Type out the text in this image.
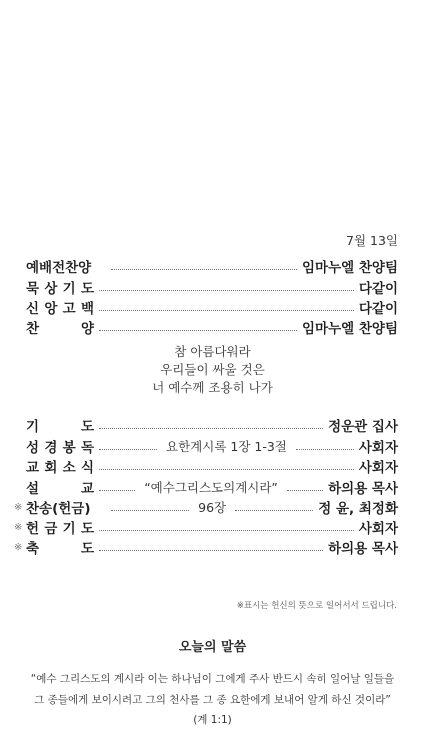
7월 13일
예배전찬양	임마누엘 찬양팀
묵 상 기 도	다같이
신 앙 고 백	다같이
찬	양	임마누엘 찬양팀
참 아름다워라
우리들이 싸울 것은
너 예수께 조용히 나가
기	도	정운관 집사
성 경 봉 독	요한계시록 1장 1-3절	사회자
교 회 소 식	사회자
설	교	“예수그리스도의계시라”	하의용 목사
※ 찬송(헌금)	96장	정 윤, 최정화
※ 헌 금 기 도	사회자
※ 축	도	하의용 목사
※표시는 헌신의 뜻으로 일어서서 드립니다.
오늘의 말씀
“예수 그리스도의 계시라 이는 하나님이 그에게 주사 반드시 속히 일어날 일들을
그 종들에게 보이시려고 그의 천사를 그 종 요한에게 보내어 알게 하신 것이라”
(계 1:1)
